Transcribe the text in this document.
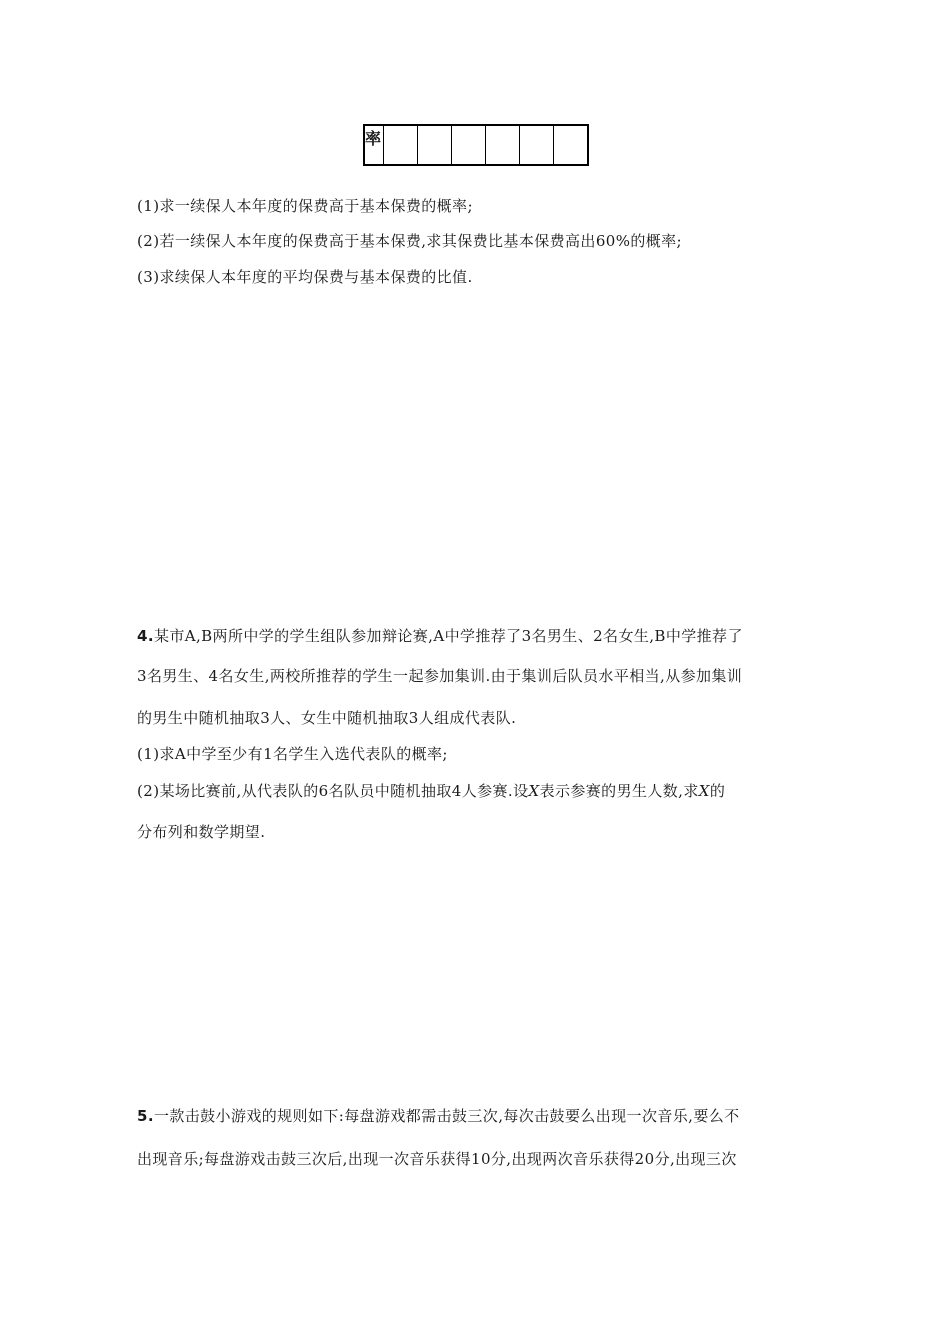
率						
(1)求一续保人本年度的保费高于基本保费的概率;
(2)若一续保人本年度的保费高于基本保费,求其保费比基本保费高出60%的概率;
(3)求续保人本年度的平均保费与基本保费的比值.
4.某市A,B两所中学的学生组队参加辩论赛,A中学推荐了3名男生、2名女生,B中学推荐了
3名男生、4名女生,两校所推荐的学生一起参加集训.由于集训后队员水平相当,从参加集训
的男生中随机抽取3人、女生中随机抽取3人组成代表队.
(1)求A中学至少有1名学生入选代表队的概率;
(2)某场比赛前,从代表队的6名队员中随机抽取4人参赛.设X表示参赛的男生人数,求X的
分布列和数学期望.
5.一款击鼓小游戏的规则如下:每盘游戏都需击鼓三次,每次击鼓要么出现一次音乐,要么不
出现音乐;每盘游戏击鼓三次后,出现一次音乐获得10分,出现两次音乐获得20分,出现三次
